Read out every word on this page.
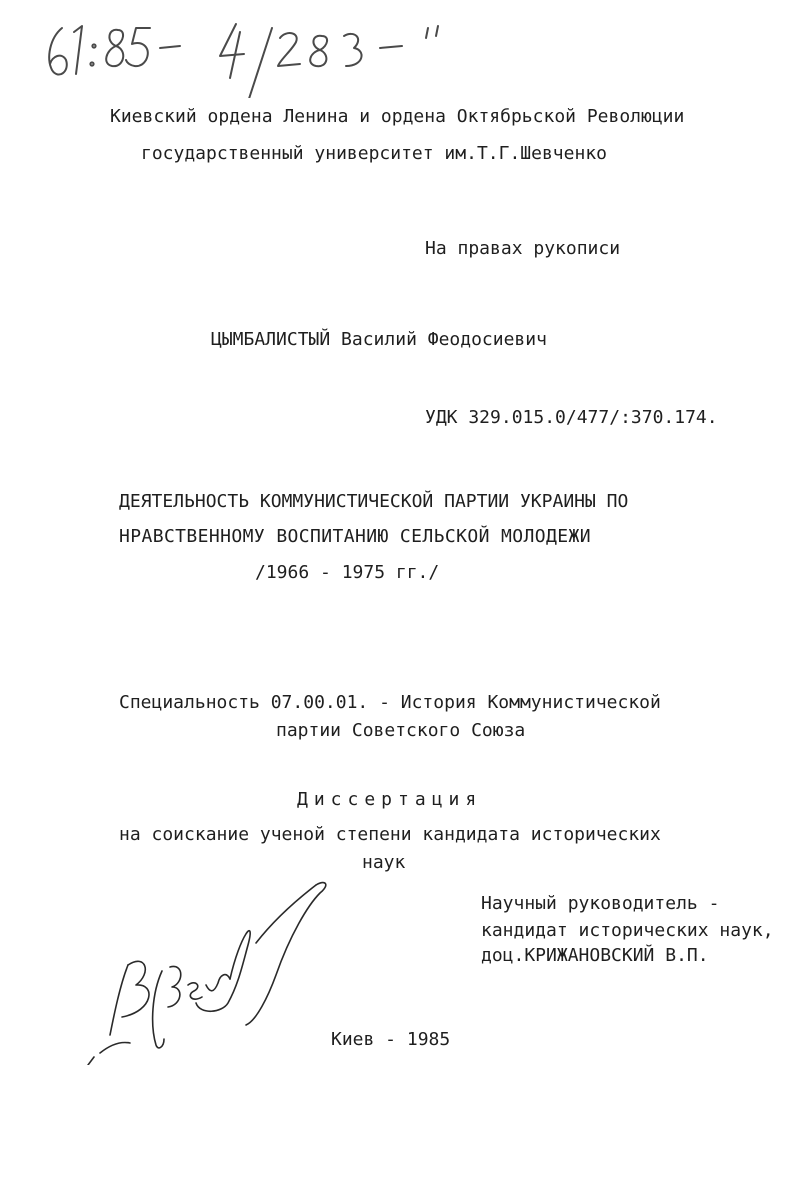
Киевский ордена Ленина и ордена Октябрьской Революции
государственный университет им.Т.Г.Шевченко
На правах рукописи
ЦЫМБАЛИСТЫЙ Василий Феодосиевич
УДК 329.015.0/477/:370.174.
ДЕЯТЕЛЬНОСТЬ КОММУНИСТИЧЕСКОЙ ПАРТИИ УКРАИНЫ ПО
НРАВСТВЕННОМУ ВОСПИТАНИЮ СЕЛЬСКОЙ МОЛОДЕЖИ
/1966 - 1975 гг./
Специальность 07.00.01. - История Коммунистической
партии Советского Союза
Диссертация
на соискание ученой степени кандидата исторических
наук
Научный руководитель -
кандидат исторических наук,
доц.КРИЖАНОВСКИЙ В.П.
Киев - 1985
